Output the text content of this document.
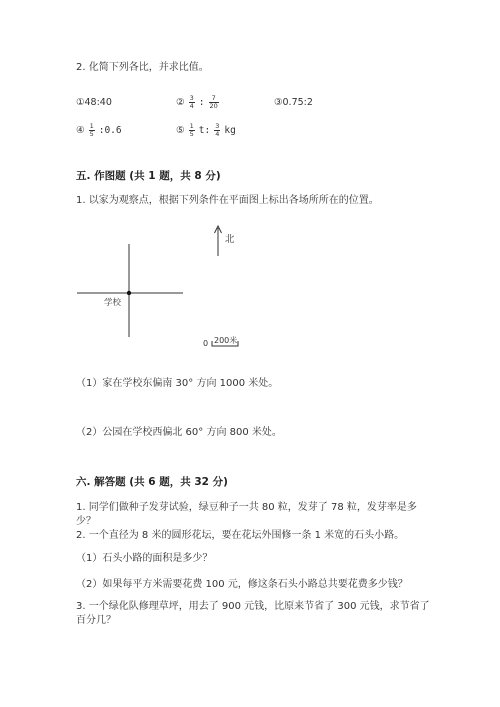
2. 化简下列各比，并求比值。
①48:40	② $\frac{3}{4}$ : $\frac{7}{20}$	③0.75:2
④ $\frac{1}{5}$ :0.6	⑤ $\frac{1}{5} t$: $\frac{3}{4}$ kg
五. 作图题 (共 1 题，共 8 分)
1. 以家为观察点，根据下列条件在平面图上标出各场所所在的位置。
北
学校
0 200米
（1）家在学校东偏南 30° 方向 1000 米处。
（2）公园在学校西偏北 60° 方向 800 米处。
六. 解答题 (共 6 题，共 32 分)
1. 同学们做种子发芽试验，绿豆种子一共 80 粒，发芽了 78 粒，发芽率是多
少？
2. 一个直径为 8 米的圆形花坛，要在花坛外围修一条 1 米宽的石头小路。
（1）石头小路的面积是多少？
（2）如果每平方米需要花费 100 元，修这条石头小路总共要花费多少钱？
3. 一个绿化队修理草坪，用去了 900 元钱，比原来节省了 300 元钱，求节省了
百分几？
